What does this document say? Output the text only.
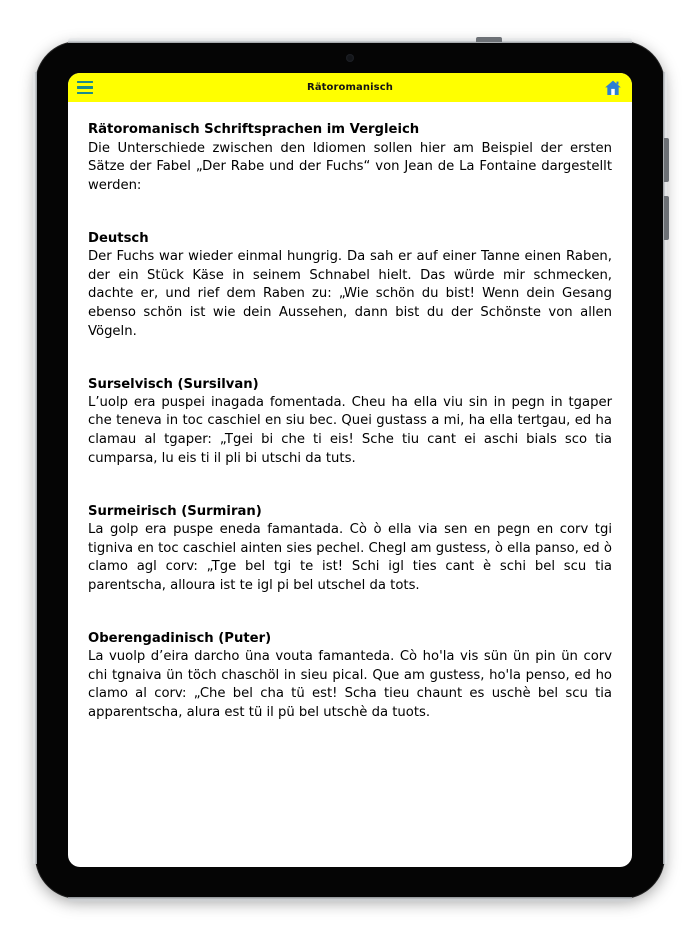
Rätoromanisch
Rätoromanisch Schriftsprachen im Vergleich

Die Unterschiede zwischen den Idiomen sollen hier am Beispiel der ersten Sätze der Fabel „Der Rabe und der Fuchs“ von Jean de La Fontaine dargestellt werden:

Deutsch

Der Fuchs war wieder einmal hungrig. Da sah er auf einer Tanne einen Raben, der ein Stück Käse in seinem Schnabel hielt. Das würde mir schmecken, dachte er, und rief dem Raben zu: „Wie schön du bist! Wenn dein Gesang ebenso schön ist wie dein Aussehen, dann bist du der Schönste von allen Vögeln.

Surselvisch (Sursilvan)

L’uolp era puspei inagada fomentada. Cheu ha ella viu sin in pegn in tgaper che teneva in toc caschiel en siu bec. Quei gustass a mi, ha ella tertgau, ed ha clamau al tgaper: „Tgei bi che ti eis! Sche tiu cant ei aschi bials sco tia cumparsa, lu eis ti il pli bi utschi da tuts.

Surmeirisch (Surmiran)

La golp era puspe eneda famantada. Cò ò ella via sen en pegn en corv tgi tigniva en toc caschiel ainten sies pechel. Chegl am gustess, ò ella panso, ed ò clamo agl corv: „Tge bel tgi te ist! Schi igl ties cant è schi bel scu tia parentscha, alloura ist te igl pi bel utschel da tots.

Oberengadinisch (Puter)

La vuolp d’eira darcho üna vouta famanteda. Cò ho'la vis sün ün pin ün corv chi tgnaiva ün töch chaschöl in sieu pical. Que am gustess, ho'la penso, ed ho clamo al corv: „Che bel cha tü est! Scha tieu chaunt es uschè bel scu tia apparentscha, alura est tü il pü bel utschè da tuots.
